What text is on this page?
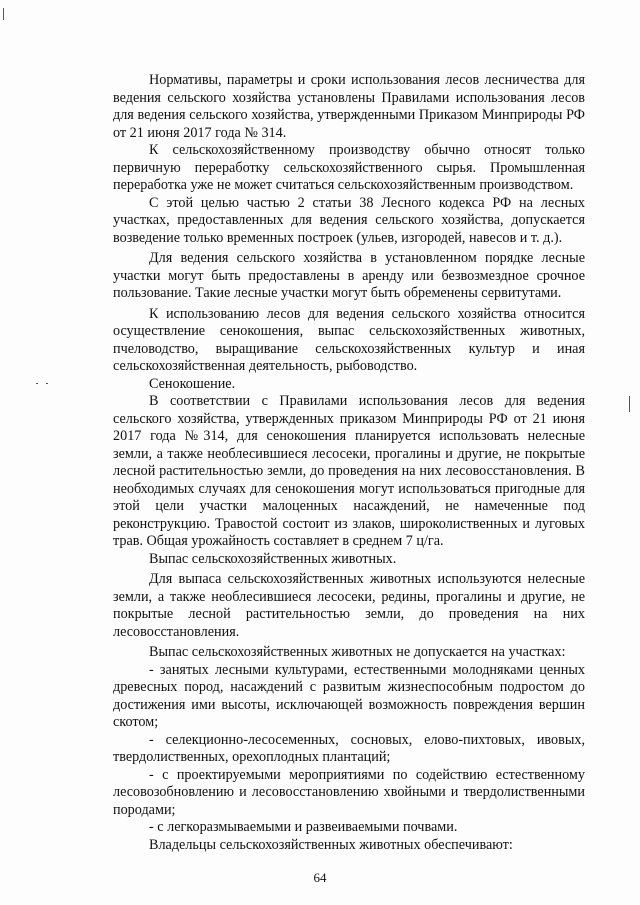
Нормативы, параметры и сроки использования лесов лесничества для ведения сельского хозяйства установлены Правилами использования лесов для ведения сельского хозяйства, утвержденными Приказом Минприроды РФ от 21 июня 2017 года № 314.

К сельскохозяйственному производству обычно относят только первичную переработку сельскохозяйственного сырья. Промышленная переработка уже не может считаться сельскохозяйственным производством.

С этой целью частью 2 статьи 38 Лесного кодекса РФ на лесных участках, предоставленных для ведения сельского хозяйства, допускается возведение только временных построек (ульев, изгородей, навесов и т. д.).

Для ведения сельского хозяйства в установленном порядке лесные участки могут быть предоставлены в аренду или безвозмездное срочное пользование. Такие лесные участки могут быть обременены сервитутами.

К использованию лесов для ведения сельского хозяйства относится осуществление сенокошения, выпас сельскохозяйственных животных, пчеловодство, выращивание сельскохозяйственных культур и иная сельскохозяйственная деятельность, рыбоводство.

Сенокошение.

В соответствии с Правилами использования лесов для ведения сельского хозяйства, утвержденных приказом Минприроды РФ от 21 июня 2017 года №314, для сенокошения планируется использовать нелесные земли, а также необлесившиеся лесосеки, прогалины и другие, не покрытые лесной растительностью земли, до проведения на них лесовосстановления. В необходимых случаях для сенокошения могут использоваться пригодные для этой цели участки малоценных насаждений, не намеченные под реконструкцию. Травостой состоит из злаков, широколиственных и луговых трав. Общая урожайность составляет в среднем 7 ц/га.

Выпас сельскохозяйственных животных.

Для выпаса сельскохозяйственных животных используются нелесные земли, а также необлесившиеся лесосеки, редины, прогалины и другие, не покрытые лесной растительностью земли, до проведения на них лесовосстановления.

Выпас сельскохозяйственных животных не допускается на участках:

- занятых лесными культурами, естественными молодняками ценных древесных пород, насаждений с развитым жизнеспособным подростом до достижения ими высоты, исключающей возможность повреждения вершин скотом;

- селекционно-лесосеменных, сосновых, елово-пихтовых, ивовых, твердолиственных, орехоплодных плантаций;

- с проектируемыми мероприятиями по содействию естественному лесовозобновлению и лесовосстановлению хвойными и твердолиственными породами;

- с легкоразмываемыми и развеиваемыми почвами.

Владельцы сельскохозяйственных животных обеспечивают:

64
